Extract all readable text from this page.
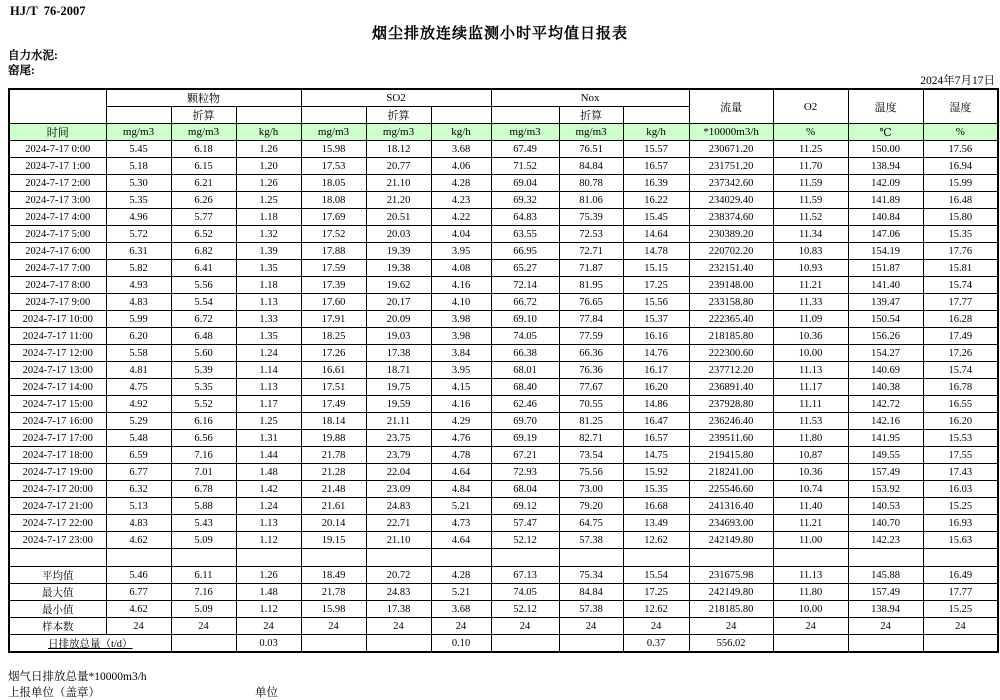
HJ/T  76-2007
烟尘排放连续监测小时平均值日报表
自力水泥:
窑尾:
2024年7月17日
	颗粒物			SO2			Nox			流量	O2	温度	湿度
		折算			折算			折算					
时间	mg/m3	mg/m3	kg/h	mg/m3	mg/m3	kg/h	mg/m3	mg/m3	kg/h	*10000m3/h	%	℃	%
2024-7-17 0:00	5.45	6.18	1.26	15.98	18.12	3.68	67.49	76.51	15.57	230671.20	11.25	150.00	17.56
2024-7-17 1:00	5.18	6.15	1.20	17.53	20.77	4.06	71.52	84.84	16.57	231751.20	11.70	138.94	16.94
2024-7-17 2:00	5.30	6.21	1.26	18.05	21.10	4.28	69.04	80.78	16.39	237342.60	11.59	142.09	15.99
2024-7-17 3:00	5.35	6.26	1.25	18.08	21.20	4.23	69.32	81.06	16.22	234029.40	11.59	141.89	16.48
2024-7-17 4:00	4.96	5.77	1.18	17.69	20.51	4.22	64.83	75.39	15.45	238374.60	11.52	140.84	15.80
2024-7-17 5:00	5.72	6.52	1.32	17.52	20.03	4.04	63.55	72.53	14.64	230389.20	11.34	147.06	15.35
2024-7-17 6:00	6.31	6.82	1.39	17.88	19.39	3.95	66.95	72.71	14.78	220702.20	10.83	154.19	17.76
2024-7-17 7:00	5.82	6.41	1.35	17.59	19.38	4.08	65.27	71.87	15.15	232151.40	10.93	151.87	15.81
2024-7-17 8:00	4.93	5.56	1.18	17.39	19.62	4.16	72.14	81.95	17.25	239148.00	11.21	141.40	15.74
2024-7-17 9:00	4.83	5.54	1.13	17.60	20.17	4.10	66.72	76.65	15.56	233158.80	11.33	139.47	17.77
2024-7-17 10:00	5.99	6.72	1.33	17.91	20.09	3.98	69.10	77.84	15.37	222365.40	11.09	150.54	16.28
2024-7-17 11:00	6.20	6.48	1.35	18.25	19.03	3.98	74.05	77.59	16.16	218185.80	10.36	156.26	17.49
2024-7-17 12:00	5.58	5.60	1.24	17.26	17.38	3.84	66.38	66.36	14.76	222300.60	10.00	154.27	17.26
2024-7-17 13:00	4.81	5.39	1.14	16.61	18.71	3.95	68.01	76.36	16.17	237712.20	11.13	140.69	15.74
2024-7-17 14:00	4.75	5.35	1.13	17.51	19.75	4.15	68.40	77.67	16.20	236891.40	11.17	140.38	16.78
2024-7-17 15:00	4.92	5.52	1.17	17.49	19.59	4.16	62.46	70.55	14.86	237928.80	11.11	142.72	16.55
2024-7-17 16:00	5.29	6.16	1.25	18.14	21.11	4.29	69.70	81.25	16.47	236246.40	11.53	142.16	16.20
2024-7-17 17:00	5.48	6.56	1.31	19.88	23.75	4.76	69.19	82.71	16.57	239511.60	11.80	141.95	15.53
2024-7-17 18:00	6.59	7.16	1.44	21.78	23.79	4.78	67.21	73.54	14.75	219415.80	10.87	149.55	17.55
2024-7-17 19:00	6.77	7.01	1.48	21.28	22.04	4.64	72.93	75.56	15.92	218241.00	10.36	157.49	17.43
2024-7-17 20:00	6.32	6.78	1.42	21.48	23.09	4.84	68.04	73.00	15.35	225546.60	10.74	153.92	16.03
2024-7-17 21:00	5.13	5.88	1.24	21.61	24.83	5.21	69.12	79.20	16.68	241316.40	11.40	140.53	15.25
2024-7-17 22:00	4.83	5.43	1.13	20.14	22.71	4.73	57.47	64.75	13.49	234693.00	11.21	140.70	16.93
2024-7-17 23:00	4.62	5.09	1.12	19.15	21.10	4.64	52.12	57.38	12.62	242149.80	11.00	142.23	15.63

平均值	5.46	6.11	1.26	18.49	20.72	4.28	67.13	75.34	15.54	231675.98	11.13	145.88	16.49
最大值	6.77	7.16	1.48	21.78	24.83	5.21	74.05	84.84	17.25	242149.80	11.80	157.49	17.77
最小值	4.62	5.09	1.12	15.98	17.38	3.68	52.12	57.38	12.62	218185.80	10.00	138.94	15.25
样本数	24	24	24	24	24	24	24	24	24	24	24	24	24
日排放总量（t/d）			0.03			0.10			0.37	556.02			
烟气日排放总量*10000m3/h
上报单位（盖章）	单位
